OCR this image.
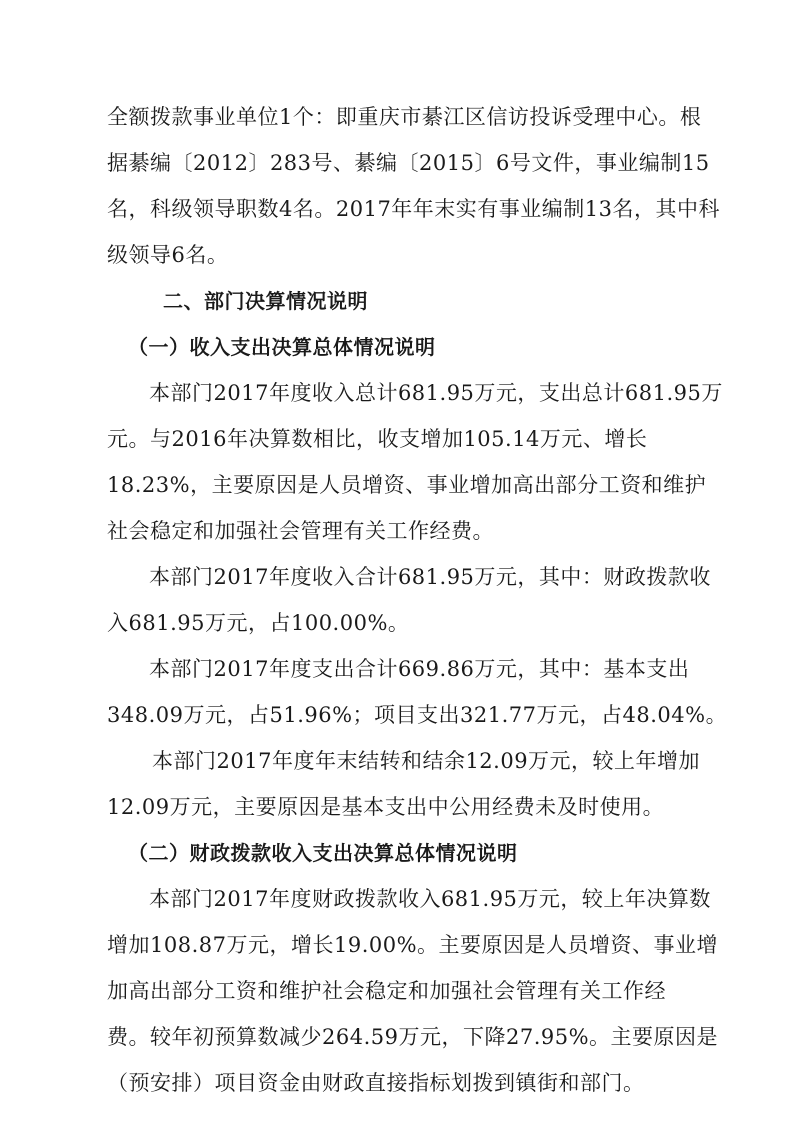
全额拨款事业单位1个：即重庆市綦江区信访投诉受理中心。根
据綦编〔2012〕283号、綦编〔2015〕6号文件，事业编制15
名，科级领导职数4名。2017年年末实有事业编制13名，其中科
级领导6名。
二、部门决算情况说明
（一）收入支出决算总体情况说明
本部门2017年度收入总计681.95万元，支出总计681.95万
元。与2016年决算数相比，收支增加105.14万元、增长
18.23%，主要原因是人员增资、事业增加高出部分工资和维护
社会稳定和加强社会管理有关工作经费。
本部门2017年度收入合计681.95万元，其中：财政拨款收
入681.95万元，占100.00%。
本部门2017年度支出合计669.86万元，其中：基本支出
348.09万元，占51.96%；项目支出321.77万元，占48.04%。
本部门2017年度年末结转和结余12.09万元，较上年增加
12.09万元，主要原因是基本支出中公用经费未及时使用。
（二）财政拨款收入支出决算总体情况说明
本部门2017年度财政拨款收入681.95万元，较上年决算数
增加108.87万元，增长19.00%。主要原因是人员增资、事业增
加高出部分工资和维护社会稳定和加强社会管理有关工作经
费。较年初预算数减少264.59万元，下降27.95%。主要原因是
（预安排）项目资金由财政直接指标划拨到镇街和部门。
